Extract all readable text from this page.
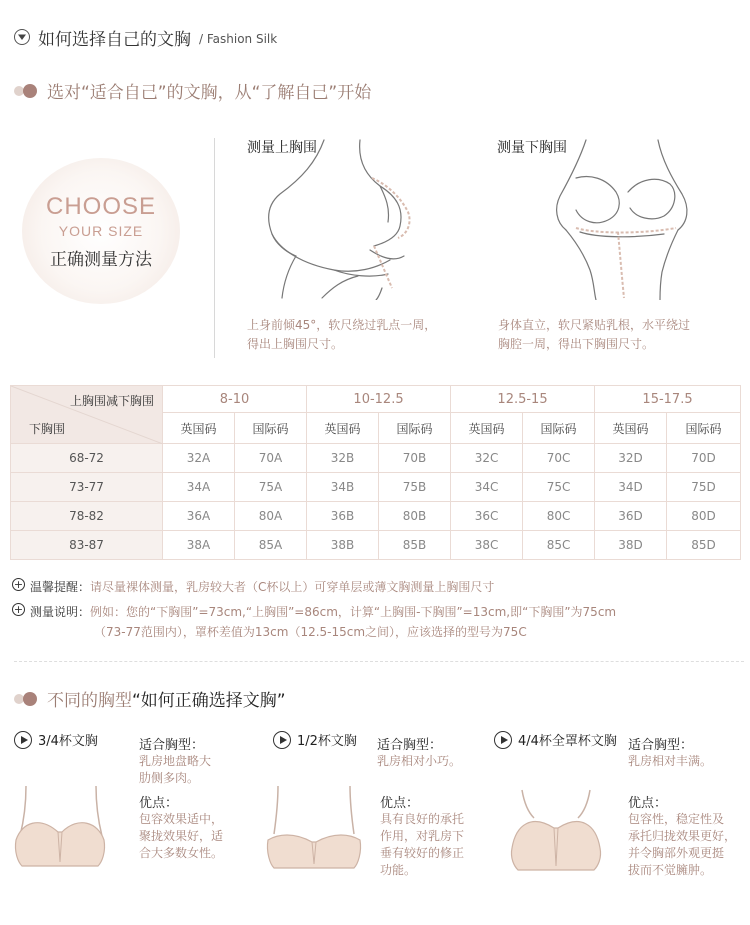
如何选择自己的文胸 / Fashion Silk
选对“适合自己”的文胸，从“了解自己”开始
CHOOSE
YOUR SIZE
正确测量方法
测量上胸围
上身前倾45°，软尺绕过乳点一周，
得出上胸围尺寸。
测量下胸围
身体直立，软尺紧贴乳根，水平绕过
胸腔一周，得出下胸围尺寸。
上胸围减下胸围
下胸围	8-10		10-12.5		12.5-15		15-17.5	
	英国码	国际码	英国码	国际码	英国码	国际码	英国码	国际码
68-72	32A	70A	32B	70B	32C	70C	32D	70D
73-77	34A	75A	34B	75B	34C	75C	34D	75D
78-82	36A	80A	36B	80B	36C	80C	36D	80D
83-87	38A	85A	38B	85B	38C	85C	38D	85D
+ 温馨提醒： 请尽量裸体测量，乳房较大者（C杯以上）可穿单层或薄文胸测量上胸围尺寸
+ 测量说明： 例如：您的“下胸围”=73cm,“上胸围”=86cm，计算“上胸围-下胸围”=13cm,即“下胸围”为75cm
（73-77范围内），罩杯差值为13cm（12.5-15cm之间），应该选择的型号为75C
不同的胸型 “如何正确选择文胸”
3/4杯文胸	适合胸型：
乳房地盘略大
肋侧多肉。
优点：
包容效果适中，
聚拢效果好，适
合大多数女性。
1/2杯文胸 适合胸型：
乳房相对小巧。
优点：
具有良好的承托
作用，对乳房下
垂有较好的修正
功能。
4/4杯全罩杯文胸 适合胸型：
乳房相对丰满。
优点：
包容性，稳定性及
承托归拢效果更好，
并令胸部外观更挺
拔而不觉臃肿。
